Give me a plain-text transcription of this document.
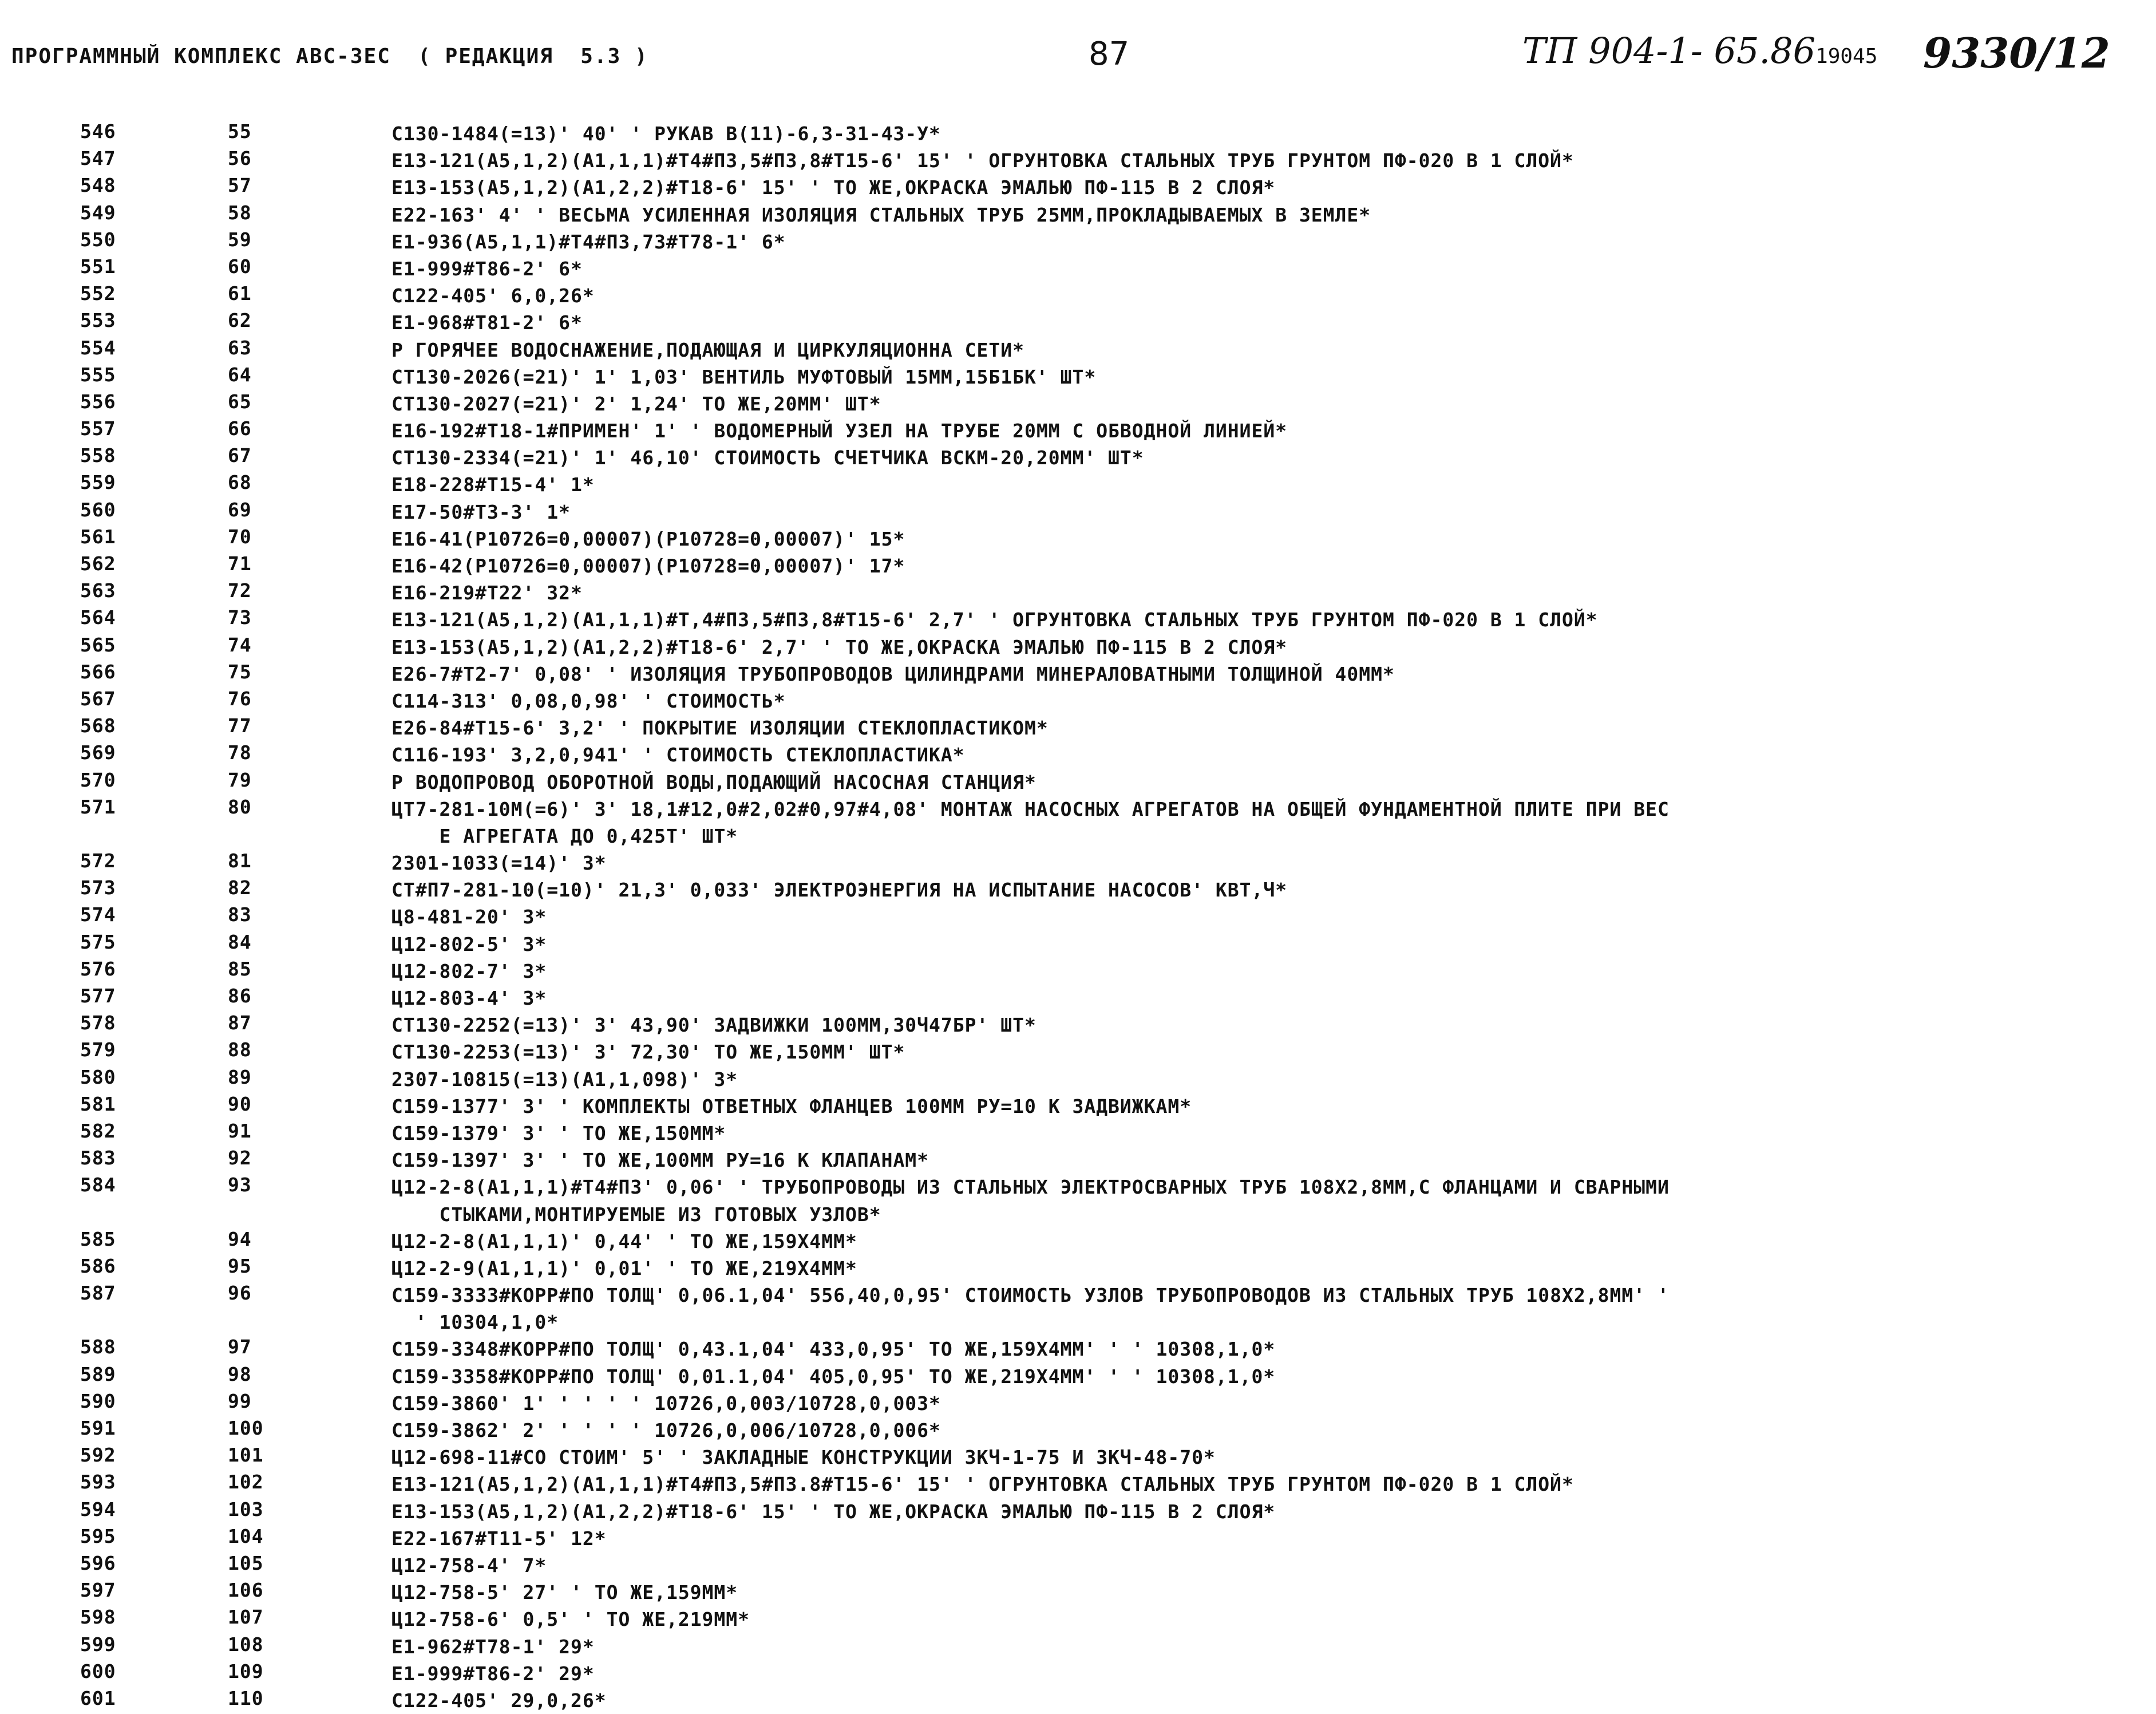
ПРОГРАММНЫЙ КОМПЛЕКС АВС-ЗЕС  ( РЕДАКЦИЯ  5.3 )	87	ТП 904-1- 65.8619045 9330/12
546	55	C130-1484(=13)' 40' ' РУКАВ В(11)-6,3-31-43-У*
547	56	E13-121(A5,1,2)(A1,1,1)#T4#П3,5#П3,8#T15-6' 15' ' ОГРУНТОВКА СТАЛЬНЫХ ТРУБ ГРУНТОМ ПФ-020 В 1 СЛОЙ*
548	57	E13-153(A5,1,2)(A1,2,2)#T18-6' 15' ' ТО ЖЕ,ОКРАСКА ЭМАЛЬЮ ПФ-115 В 2 СЛОЯ*
549	58	E22-163' 4' ' ВЕСЬМА УСИЛЕННАЯ ИЗОЛЯЦИЯ СТАЛЬНЫХ ТРУБ 25ММ,ПРОКЛАДЫВАЕМЫХ В ЗЕМЛЕ*
550	59	E1-936(A5,1,1)#T4#П3,73#T78-1' 6*
551	60	E1-999#T86-2' 6*
552	61	C122-405' 6,0,26*
553	62	E1-968#T81-2' 6*
554	63	Р ГОРЯЧЕЕ ВОДОСНАЖЕНИЕ,ПОДАЮЩАЯ И ЦИРКУЛЯЦИОННА СЕТИ*
555	64	CT130-2026(=21)' 1' 1,03' ВЕНТИЛЬ МУФТОВЫЙ 15ММ,15Б1БК' ШТ*
556	65	CT130-2027(=21)' 2' 1,24' ТО ЖЕ,20ММ' ШТ*
557	66	E16-192#T18-1#ПРИМЕН' 1' ' ВОДОМЕРНЫЙ УЗЕЛ НА ТРУБЕ 20ММ С ОБВОДНОЙ ЛИНИЕЙ*
558	67	CT130-2334(=21)' 1' 46,10' СТОИМОСТЬ СЧЕТЧИКА ВСКМ-20,20ММ' ШТ*
559	68	E18-228#T15-4' 1*
560	69	E17-50#T3-3' 1*
561	70	E16-41(P10726=0,00007)(P10728=0,00007)' 15*
562	71	E16-42(P10726=0,00007)(P10728=0,00007)' 17*
563	72	E16-219#T22' 32*
564	73	E13-121(A5,1,2)(A1,1,1)#T,4#П3,5#П3,8#T15-6' 2,7' ' ОГРУНТОВКА СТАЛЬНЫХ ТРУБ ГРУНТОМ ПФ-020 В 1 СЛОЙ*
565	74	E13-153(A5,1,2)(A1,2,2)#T18-6' 2,7' ' ТО ЖЕ,ОКРАСКА ЭМАЛЬЮ ПФ-115 В 2 СЛОЯ*
566	75	E26-7#T2-7' 0,08' ' ИЗОЛЯЦИЯ ТРУБОПРОВОДОВ ЦИЛИНДРАМИ МИНЕРАЛОВАТНЫМИ ТОЛЩИНОЙ 40ММ*
567	76	C114-313' 0,08,0,98' ' СТОИМОСТЬ*
568	77	E26-84#T15-6' 3,2' ' ПОКРЫТИЕ ИЗОЛЯЦИИ СТЕКЛОПЛАСТИКОМ*
569	78	C116-193' 3,2,0,941' ' СТОИМОСТЬ СТЕКЛОПЛАСТИКА*
570	79	Р ВОДОПРОВОД ОБОРОТНОЙ ВОДЫ,ПОДАЮЩИЙ НАСОСНАЯ СТАНЦИЯ*
571	80	ЦT7-281-10M(=6)' 3' 18,1#12,0#2,02#0,97#4,08' МОНТАЖ НАСОСНЫХ АГРЕГАТОВ НА ОБЩЕЙ ФУНДАМЕНТНОЙ ПЛИТЕ ПРИ ВЕС
Е АГРЕГАТА ДО 0,425T' ШТ*
572	81	2301-1033(=14)' 3*
573	82	CT#П7-281-10(=10)' 21,3' 0,033' ЭЛЕКТРОЭНЕРГИЯ НА ИСПЫТАНИЕ НАСОСОВ' КВТ,Ч*
574	83	Ц8-481-20' 3*
575	84	Ц12-802-5' 3*
576	85	Ц12-802-7' 3*
577	86	Ц12-803-4' 3*
578	87	CT130-2252(=13)' 3' 43,90' ЗАДВИЖКИ 100ММ,30Ч47БР' ШТ*
579	88	CT130-2253(=13)' 3' 72,30' ТО ЖЕ,150ММ' ШТ*
580	89	2307-10815(=13)(A1,1,098)' 3*
581	90	C159-1377' 3' ' КОМПЛЕКТЫ ОТВЕТНЫХ ФЛАНЦЕВ 100ММ РУ=10 К ЗАДВИЖКАМ*
582	91	C159-1379' 3' ' ТО ЖЕ,150ММ*
583	92	C159-1397' 3' ' ТО ЖЕ,100ММ РУ=16 К КЛАПАНАМ*
584	93	Ц12-2-8(A1,1,1)#T4#П3' 0,06' ' ТРУБОПРОВОДЫ ИЗ СТАЛЬНЫХ ЭЛЕКТРОСВАРНЫХ ТРУБ 108Х2,8ММ,С ФЛАНЦАМИ И СВАРНЫМИ
СТЫКАМИ,МОНТИРУЕМЫЕ ИЗ ГОТОВЫХ УЗЛОВ*
585	94	Ц12-2-8(A1,1,1)' 0,44' ' ТО ЖЕ,159Х4ММ*
586	95	Ц12-2-9(A1,1,1)' 0,01' ' ТО ЖЕ,219Х4ММ*
587	96	C159-3333#КОРР#ПО ТОЛЩ' 0,06.1,04' 556,40,0,95' СТОИМОСТЬ УЗЛОВ ТРУБОПРОВОДОВ ИЗ СТАЛЬНЫХ ТРУБ 108Х2,8ММ' '
' 10304,1,0*
588	97	C159-3348#КОРР#ПО ТОЛЩ' 0,43.1,04' 433,0,95' ТО ЖЕ,159Х4ММ' ' ' 10308,1,0*
589	98	C159-3358#КОРР#ПО ТОЛЩ' 0,01.1,04' 405,0,95' ТО ЖЕ,219Х4ММ' ' ' 10308,1,0*
590	99	C159-3860' 1' ' ' ' ' 10726,0,003/10728,0,003*
591	100	C159-3862' 2' ' ' ' ' 10726,0,006/10728,0,006*
592	101	Ц12-698-11#CO СТОИМ' 5' ' ЗАКЛАДНЫЕ КОНСТРУКЦИИ ЗКЧ-1-75 И ЗКЧ-48-70*
593	102	E13-121(A5,1,2)(A1,1,1)#T4#П3,5#П3.8#T15-6' 15' ' ОГРУНТОВКА СТАЛЬНЫХ ТРУБ ГРУНТОМ ПФ-020 В 1 СЛОЙ*
594	103	E13-153(A5,1,2)(A1,2,2)#T18-6' 15' ' ТО ЖЕ,ОКРАСКА ЭМАЛЬЮ ПФ-115 В 2 СЛОЯ*
595	104	E22-167#T11-5' 12*
596	105	Ц12-758-4' 7*
597	106	Ц12-758-5' 27' ' ТО ЖЕ,159ММ*
598	107	Ц12-758-6' 0,5' ' ТО ЖЕ,219ММ*
599	108	E1-962#T78-1' 29*
600	109	E1-999#T86-2' 29*
601	110	C122-405' 29,0,26*
